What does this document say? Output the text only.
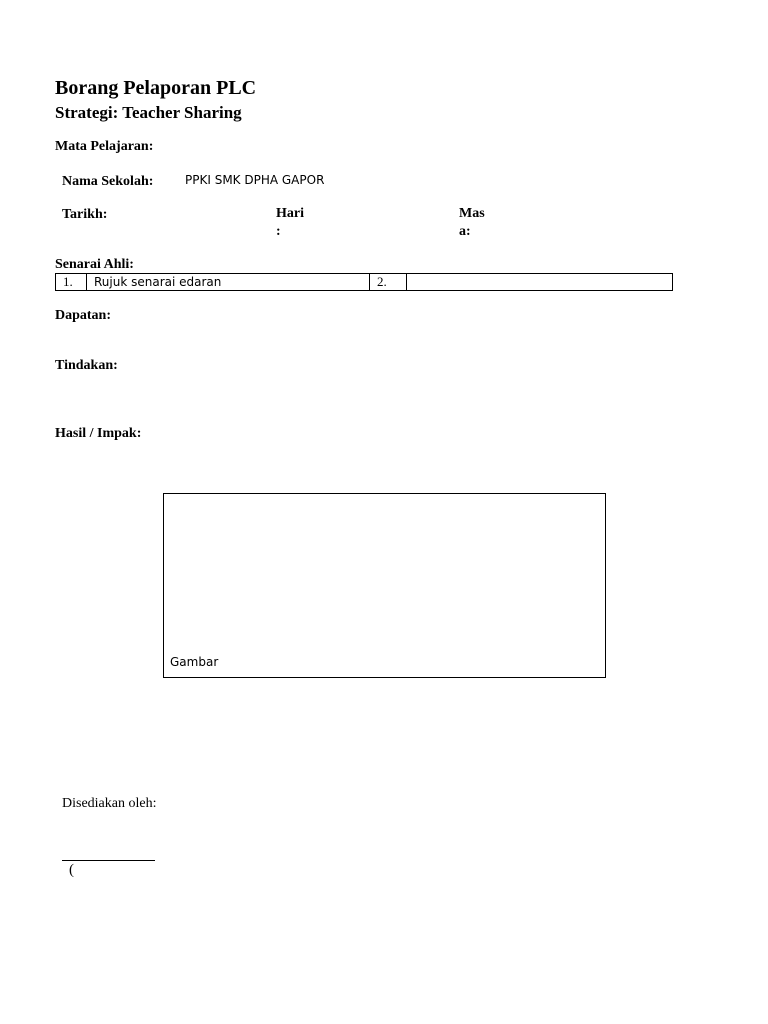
Borang Pelaporan PLC
Strategi: Teacher Sharing
Mata Pelajaran:
Nama Sekolah:	PPKI SMK DPHA GAPOR
Tarikh:	Hari
:
Mas
a:
Senarai Ahli:
1.	Rujuk senarai edaran	2.	
Dapatan:
Tindakan:
Hasil / Impak:
Gambar
Disediakan oleh:
(
